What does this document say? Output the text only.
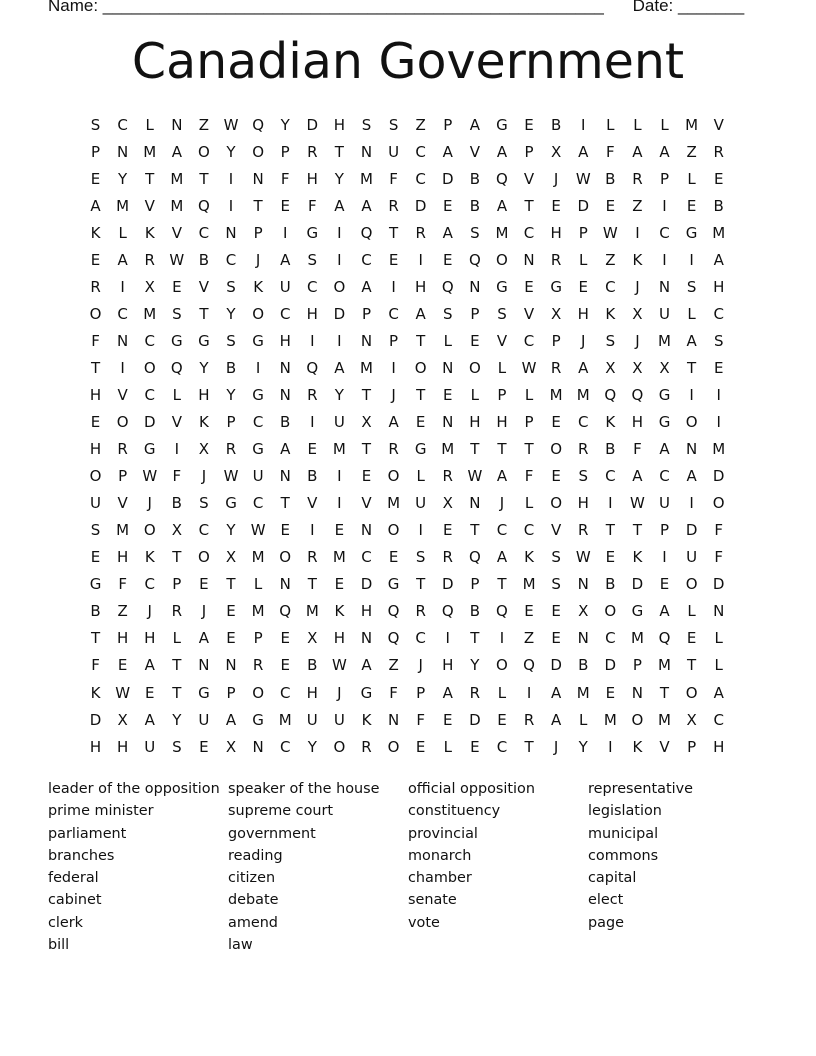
Name: _____________________________________________________ Date: _______
Canadian Government
S	C	L	N	Z W Q	Y	D	H	S	S	Z	P	A	G	E	B	I	L	L	L	M	V
P	N	M	A	O	Y	O	P	R	T	N	U	C	A	V	A	P	X	A	F	A	A	Z	R
E	Y	T	M	T	I	N	F	H	Y	M	F	C	D	B	Q	V	J	W B	R	P	L	E
A	M	V	M Q	I	T	E	F	A	A	R	D	E	B	A	T	E	D	E	Z	I	E	B
K	L	K	V	C	N	P	I	G	I	Q	T	R	A	S	M	C	H	P	W	I	C	G M
E	A	R W B	C	J	A	S	I	C	E	I	E	Q	O	N	R	L	Z	K	I	I	A
R	I	X	E	V	S	K	U	C	O	A	I	H	Q	N	G	E	G	E	C	J	N	S	H
O	C	M	S	T	Y	O	C	H	D	P	C	A	S	P	S	V	X	H	K	X	U	L	C
F	N	C	G	G	S	G	H	I	I	N	P	T	L	E	V	C	P	J	S	J	M	A	S
T	I	O	Q	Y	B	I	N	Q	A	M	I	O	N	O	L	W R	A	X	X	X	T	E
H	V	C	L	H	Y	G	N	R	Y	T	J	T	E	L	P	L	M M Q	Q	G	I	I
E	O	D	V	K	P	C	B	I	U	X	A	E	N	H	H	P	E	C	K	H	G	O	I
H	R	G	I	X	R	G	A	E	M	T	R	G M	T	T	T	O	R	B	F	A	N	M
O	P	W	F	J	W U	N	B	I	E	O	L	R W A	F	E	S	C	A	C	A	D
U	V	J	B	S	G	C	T	V	I	V	M	U	X	N	J	L	O	H	I	W U	I	O
S	M O	X	C	Y	W E	I	E	N	O	I	E	T	C	C	V	R	T	T	P	D	F
E	H	K	T	O	X	M O	R	M	C	E	S	R	Q	A	K	S W E	K	I	U	F
G	F	C	P	E	T	L	N	T	E	D	G	T	D	P	T	M	S	N	B	D	E	O	D
B	Z	J	R	J	E	M Q M	K	H	Q	R	Q	B	Q	E	E	X	O	G	A	L	N
T	H	H	L	A	E	P	E	X	H	N	Q	C	I	T	I	Z	E	N	C	M Q	E	L
F	E	A	T	N	N	R	E	B W A	Z	J	H	Y	O	Q	D	B	D	P	M	T	L
K W E	T	G	P	O	C	H	J	G	F	P	A	R	L	I	A	M	E	N	T	O	A
D	X	A	Y	U	A	G M	U	U	K	N	F	E	D	E	R	A	L	M O M	X	C
H	H	U	S	E	X	N	C	Y	O	R	O	E	L	E	C	T	J	Y	I	K	V	P	H
leader of the opposition
prime minister
parliament
branches
federal
cabinet
clerk
bill
speaker of the house
supreme court
government
reading
citizen
debate
amend
law
official opposition
constituency
provincial
monarch
chamber
senate
vote
representative
legislation
municipal
commons
capital
elect
page
